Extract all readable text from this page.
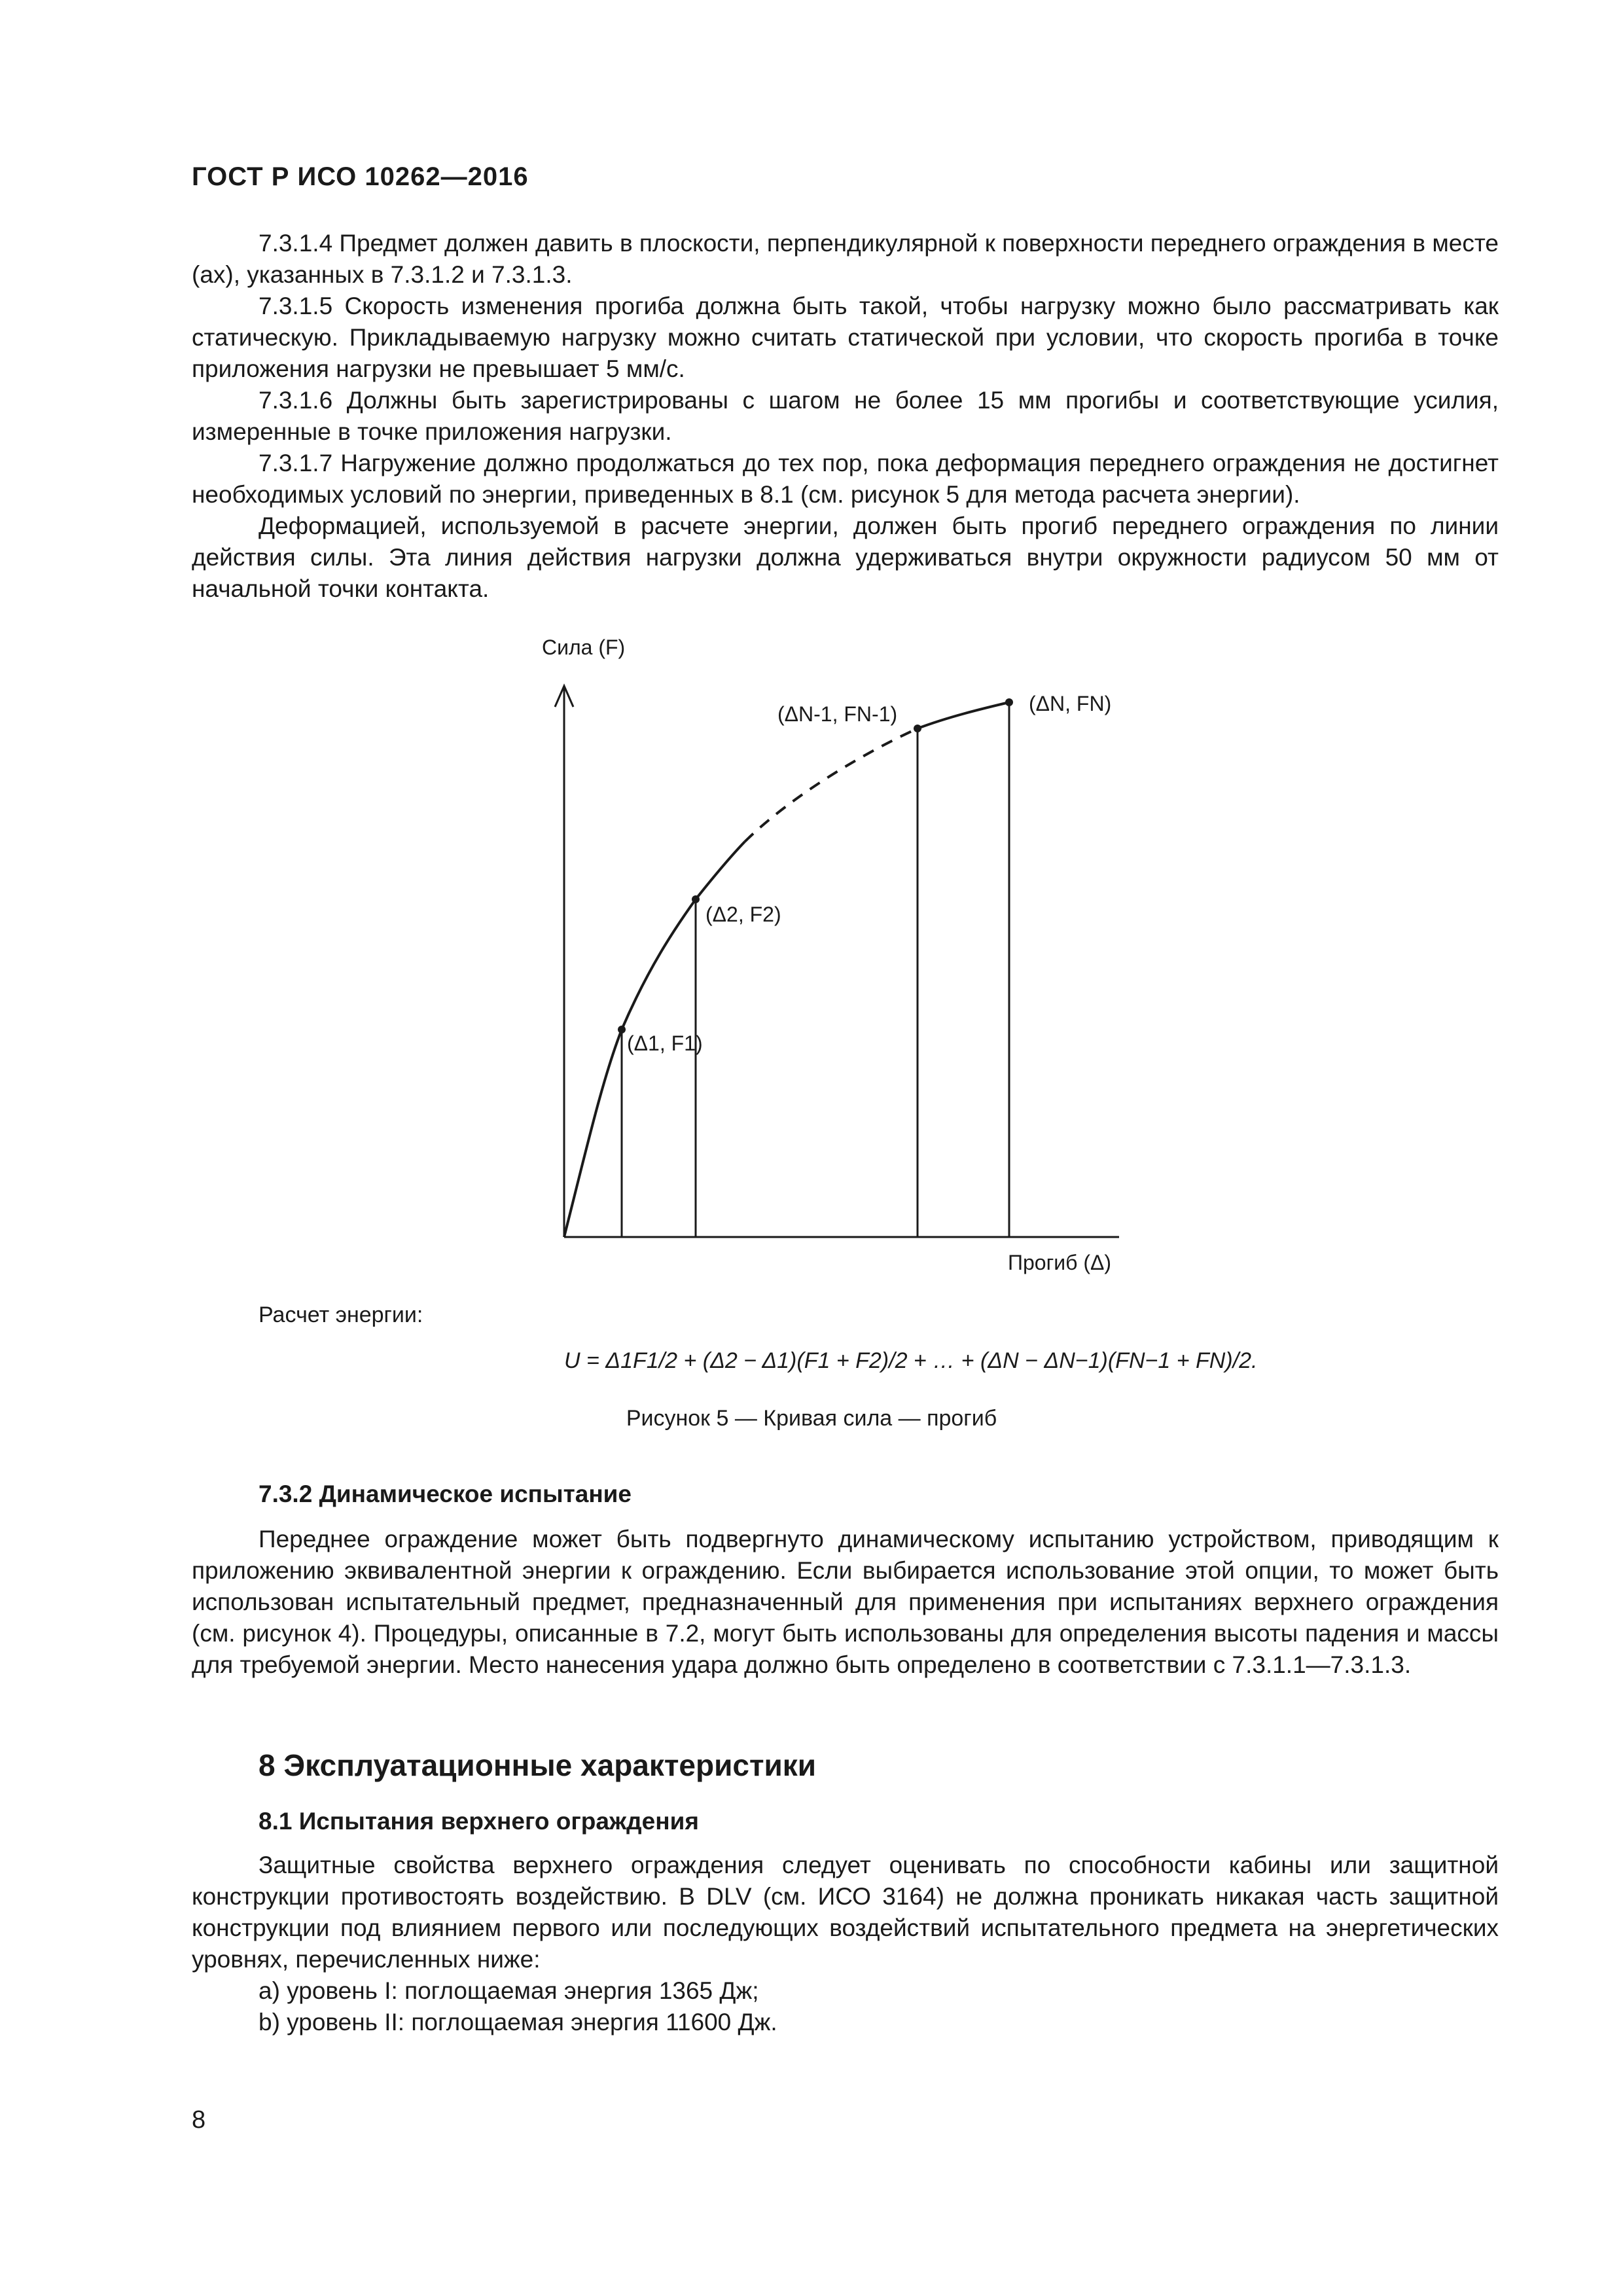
ГОСТ Р ИСО 10262—2016

7.3.1.4 Предмет должен давить в плоскости, перпендикулярной к поверхности переднего ограждения в месте (ах), указанных в 7.3.1.2 и 7.3.1.3.

7.3.1.5 Скорость изменения прогиба должна быть такой, чтобы нагрузку можно было рассматривать как статическую. Прикладываемую нагрузку можно считать статической при условии, что скорость прогиба в точке приложения нагрузки не превышает 5 мм/с.

7.3.1.6 Должны быть зарегистрированы с шагом не более 15 мм прогибы и соответствующие усилия, измеренные в точке приложения нагрузки.

7.3.1.7 Нагружение должно продолжаться до тех пор, пока деформация переднего ограждения не достигнет необходимых условий по энергии, приведенных в 8.1 (см. рисунок 5 для метода расчета энергии).

Деформацией, используемой в расчете энергии, должен быть прогиб переднего ограждения по линии действия силы. Эта линия действия нагрузки должна удерживаться внутри окружности радиусом 50 мм от начальной точки контакта.

Сила (F)
Прогиб (Δ)
(Δ1, F1)
(Δ2, F2)
(ΔN-1, FN-1)	(ΔN, FN)
U = Δ1F1/2 + (Δ2 − Δ1)(F1 + F2)/2 + … + (ΔN − ΔN−1)(FN−1 + FN)/2.
Расчет энергии:
Рисунок 5 — Кривая сила — прогиб
7.3.2 Динамическое испытание

Переднее ограждение может быть подвергнуто динамическому испытанию устройством, приводящим к приложению эквивалентной энергии к ограждению. Если выбирается использование этой опции, то может быть использован испытательный предмет, предназначенный для применения при испытаниях верхнего ограждения (см. рисунок 4). Процедуры, описанные в 7.2, могут быть использованы для определения высоты падения и массы для требуемой энергии. Место нанесения удара должно быть определено в соответствии с 7.3.1.1—7.3.1.3.

8 Эксплуатационные характеристики
8.1 Испытания верхнего ограждения

Защитные свойства верхнего ограждения следует оценивать по способности кабины или защитной конструкции противостоять воздействию. В DLV (см. ИСО 3164) не должна проникать никакая часть защитной конструкции под влиянием первого или последующих воздействий испытательного предмета на энергетических уровнях, перечисленных ниже:

a) уровень I: поглощаемая энергия 1365 Дж;

b) уровень II: поглощаемая энергия 11600 Дж.

8
